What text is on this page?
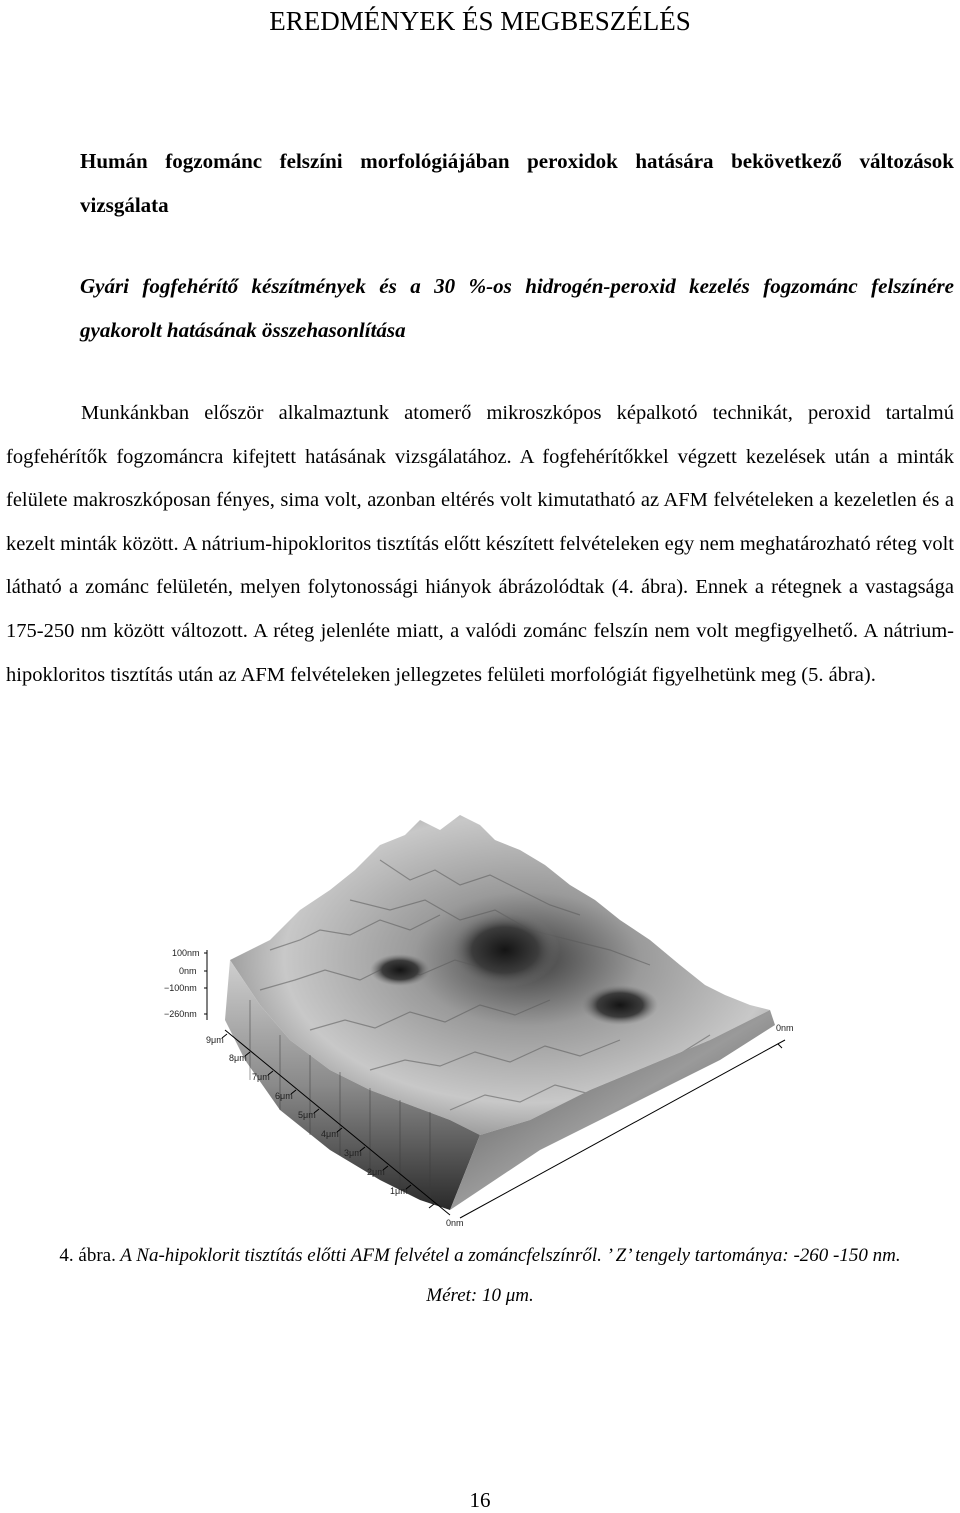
EREDMÉNYEK ÉS MEGBESZÉLÉS
Humán fogzománc felszíni morfológiájában peroxidok hatására bekövetkező változások vizsgálata
Gyári fogfehérítő készítmények és a 30 %-os hidrogén-peroxid kezelés fogzománc felszínére gyakorolt hatásának összehasonlítása

Munkánkban először alkalmaztunk atomerő mikroszkópos képalkotó technikát, peroxid tartalmú fogfehérítők fogzománcra kifejtett hatásának vizsgálatához. A fogfehérítőkkel végzett kezelések után a minták felülete makroszkóposan fényes, sima volt, azonban eltérés volt kimutatható az AFM felvételeken a kezeletlen és a kezelt minták között. A nátrium-hipokloritos tisztítás előtt készített felvételeken egy nem meghatározható réteg volt látható a zománc felületén, melyen folytonossági hiányok ábrázolódtak (4. ábra). Ennek a rétegnek a vastagsága 175-250 nm között változott. A réteg jelenléte miatt, a valódi zománc felszín nem volt megfigyelhető. A nátrium-hipokloritos tisztítás után az AFM felvételeken jellegzetes felületi morfológiát figyelhetünk meg (5. ábra).

100nm
0nm
−100nm
−260nm
9μm
8μm
7μm
6μm
5μm
4μm
3μm
2μm
1μm
0nm
0nm

4. ábra. A Na-hipoklorit tisztítás előtti AFM felvétel a zománcfelszínről. ’ Z’ tengely tartománya: -260 -150 nm.
Méret: 10 μm.

16
